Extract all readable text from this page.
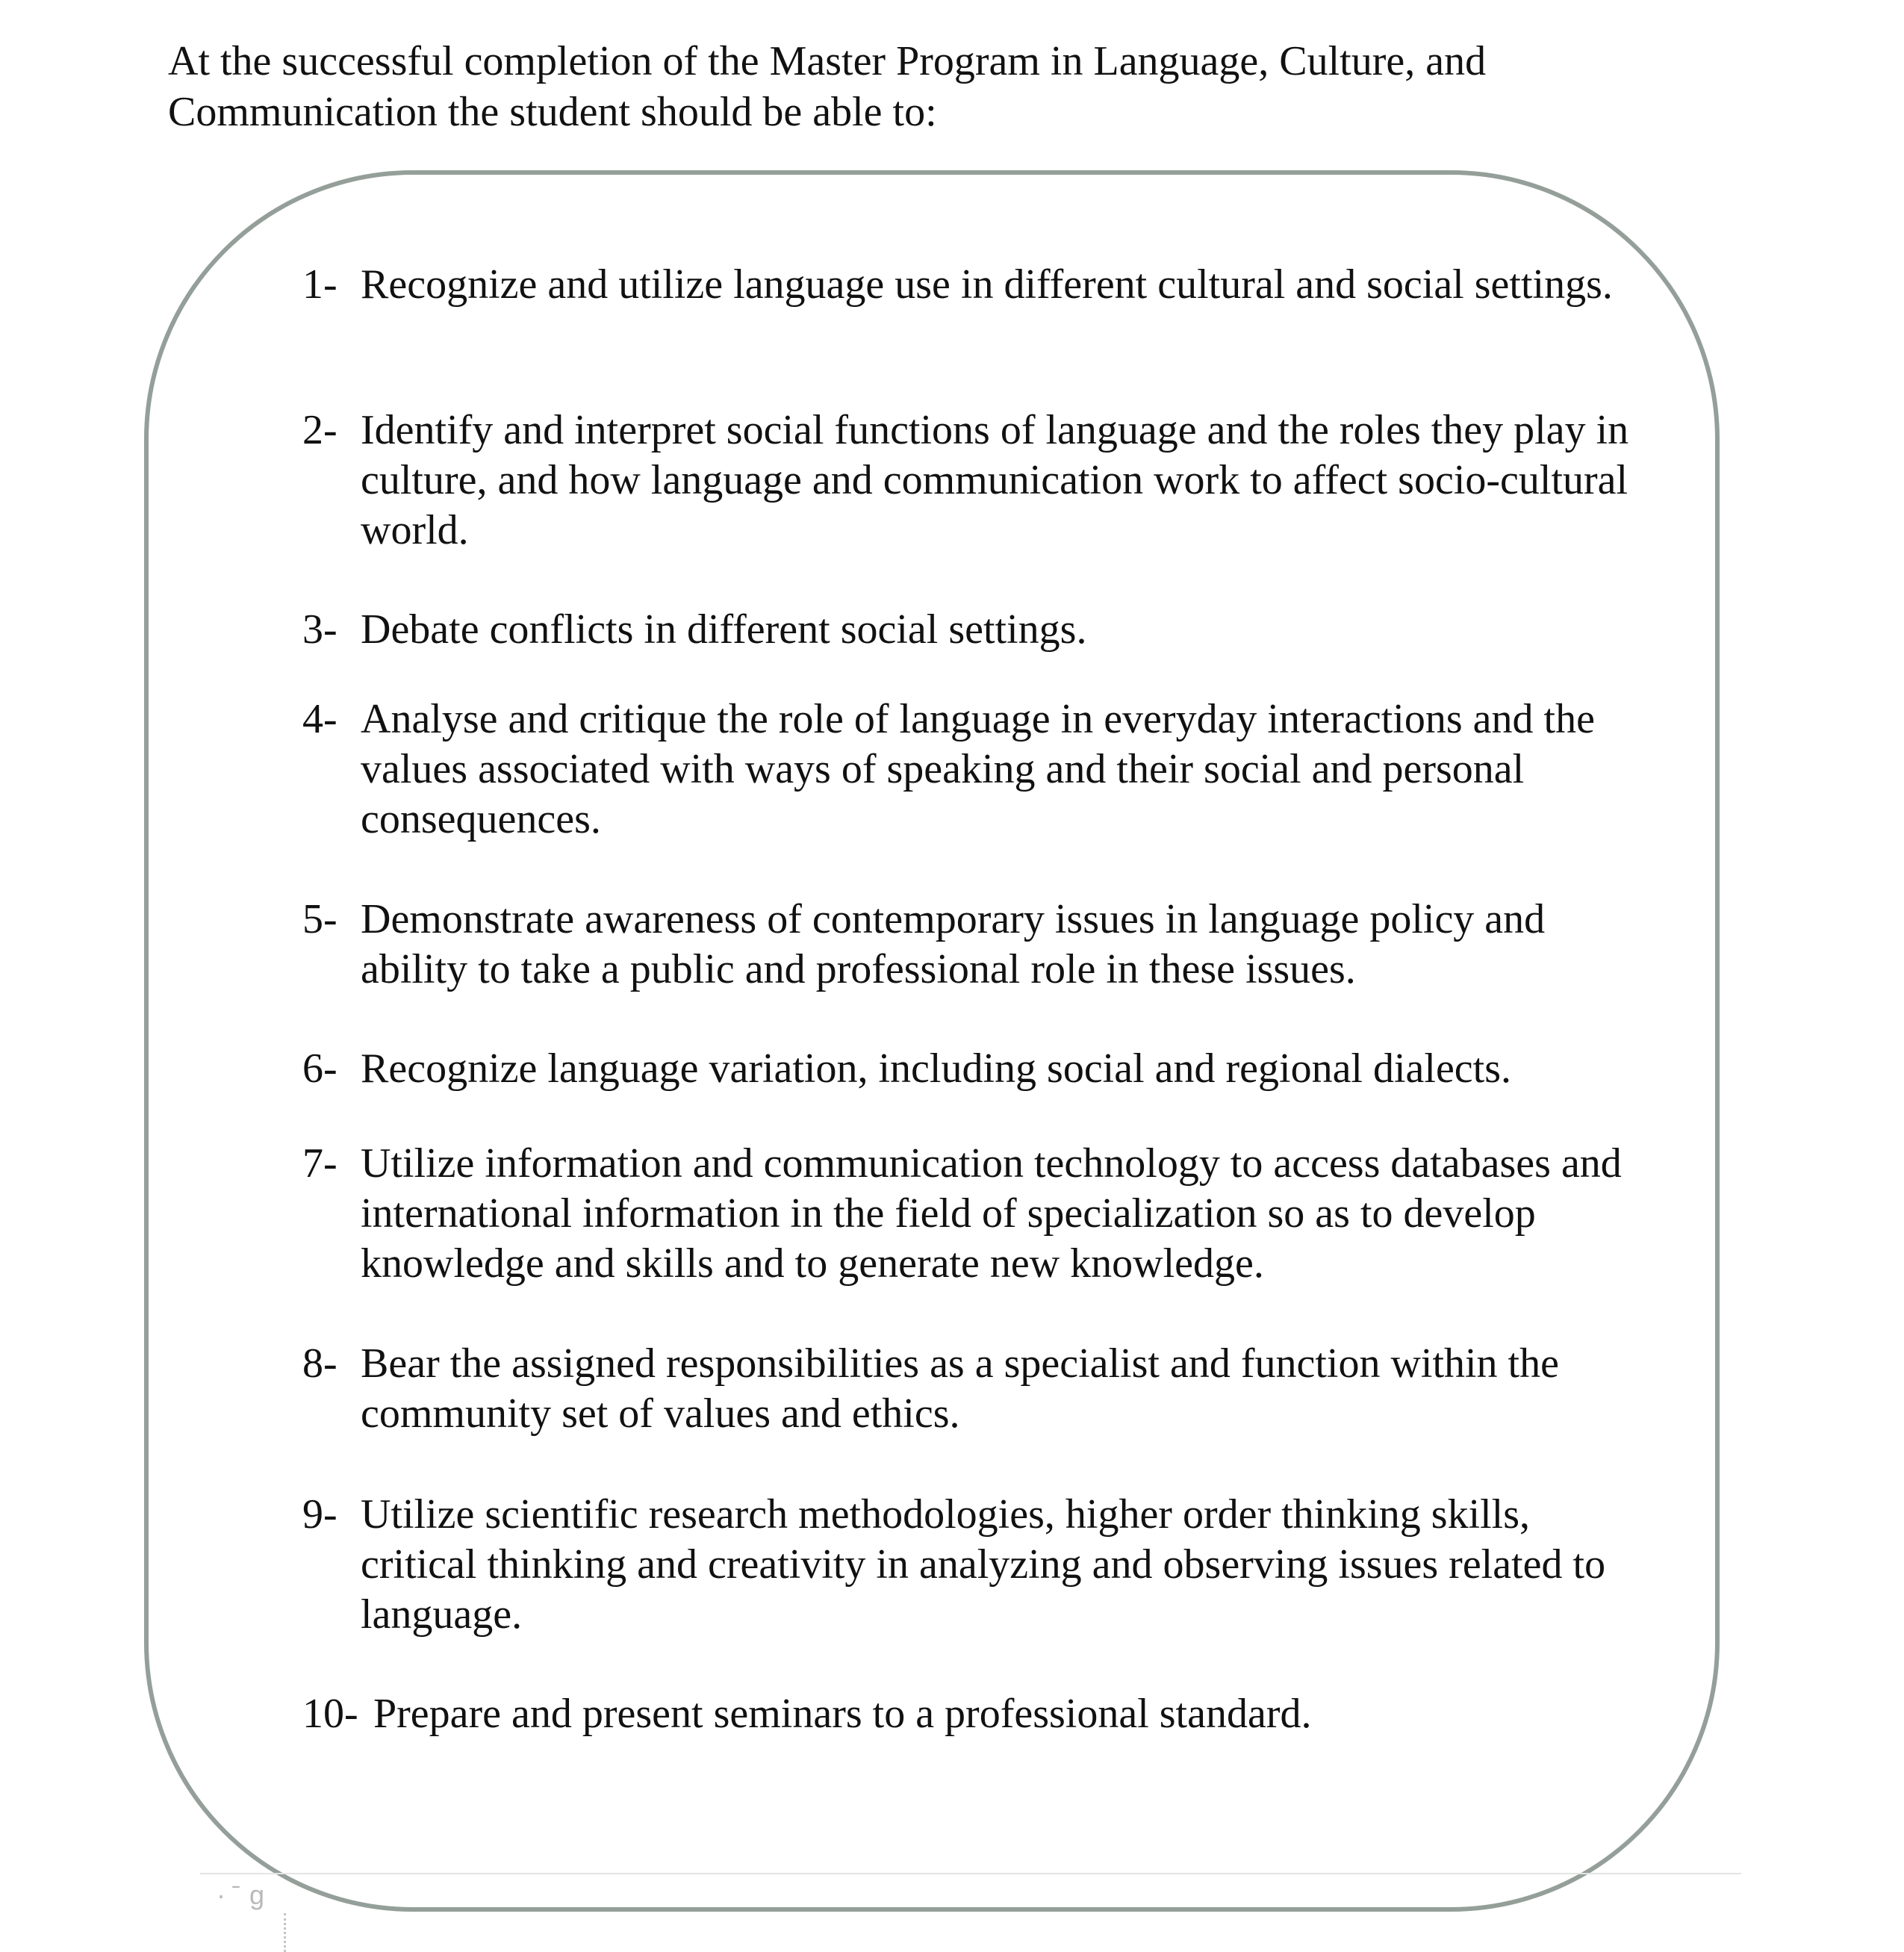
At the successful completion of the Master Program in Language, Culture, and Communication the student should be able to:

1- Recognize and utilize language use in different cultural and social settings.
2- Identify and interpret social functions of language and the roles they play in culture, and how language and communication work to affect socio-cultural world.
3- Debate conflicts in different social settings.
4- Analyse and critique the role of language in everyday interactions and the values associated with ways of speaking and their social and personal consequences.
5- Demonstrate awareness of contemporary issues in language policy and ability to take a public and professional role in these issues.
6- Recognize language variation, including social and regional dialects.
7- Utilize information and communication technology to access databases and international information in the field of specialization so as to develop knowledge and skills and to generate new knowledge.
8- Bear the assigned responsibilities as a specialist and function within the community set of values and ethics.
9- Utilize scientific research methodologies, higher order thinking skills, critical thinking and creativity in analyzing and observing issues related to language.
10- Prepare and present seminars to a professional standard.
· ̄ g
